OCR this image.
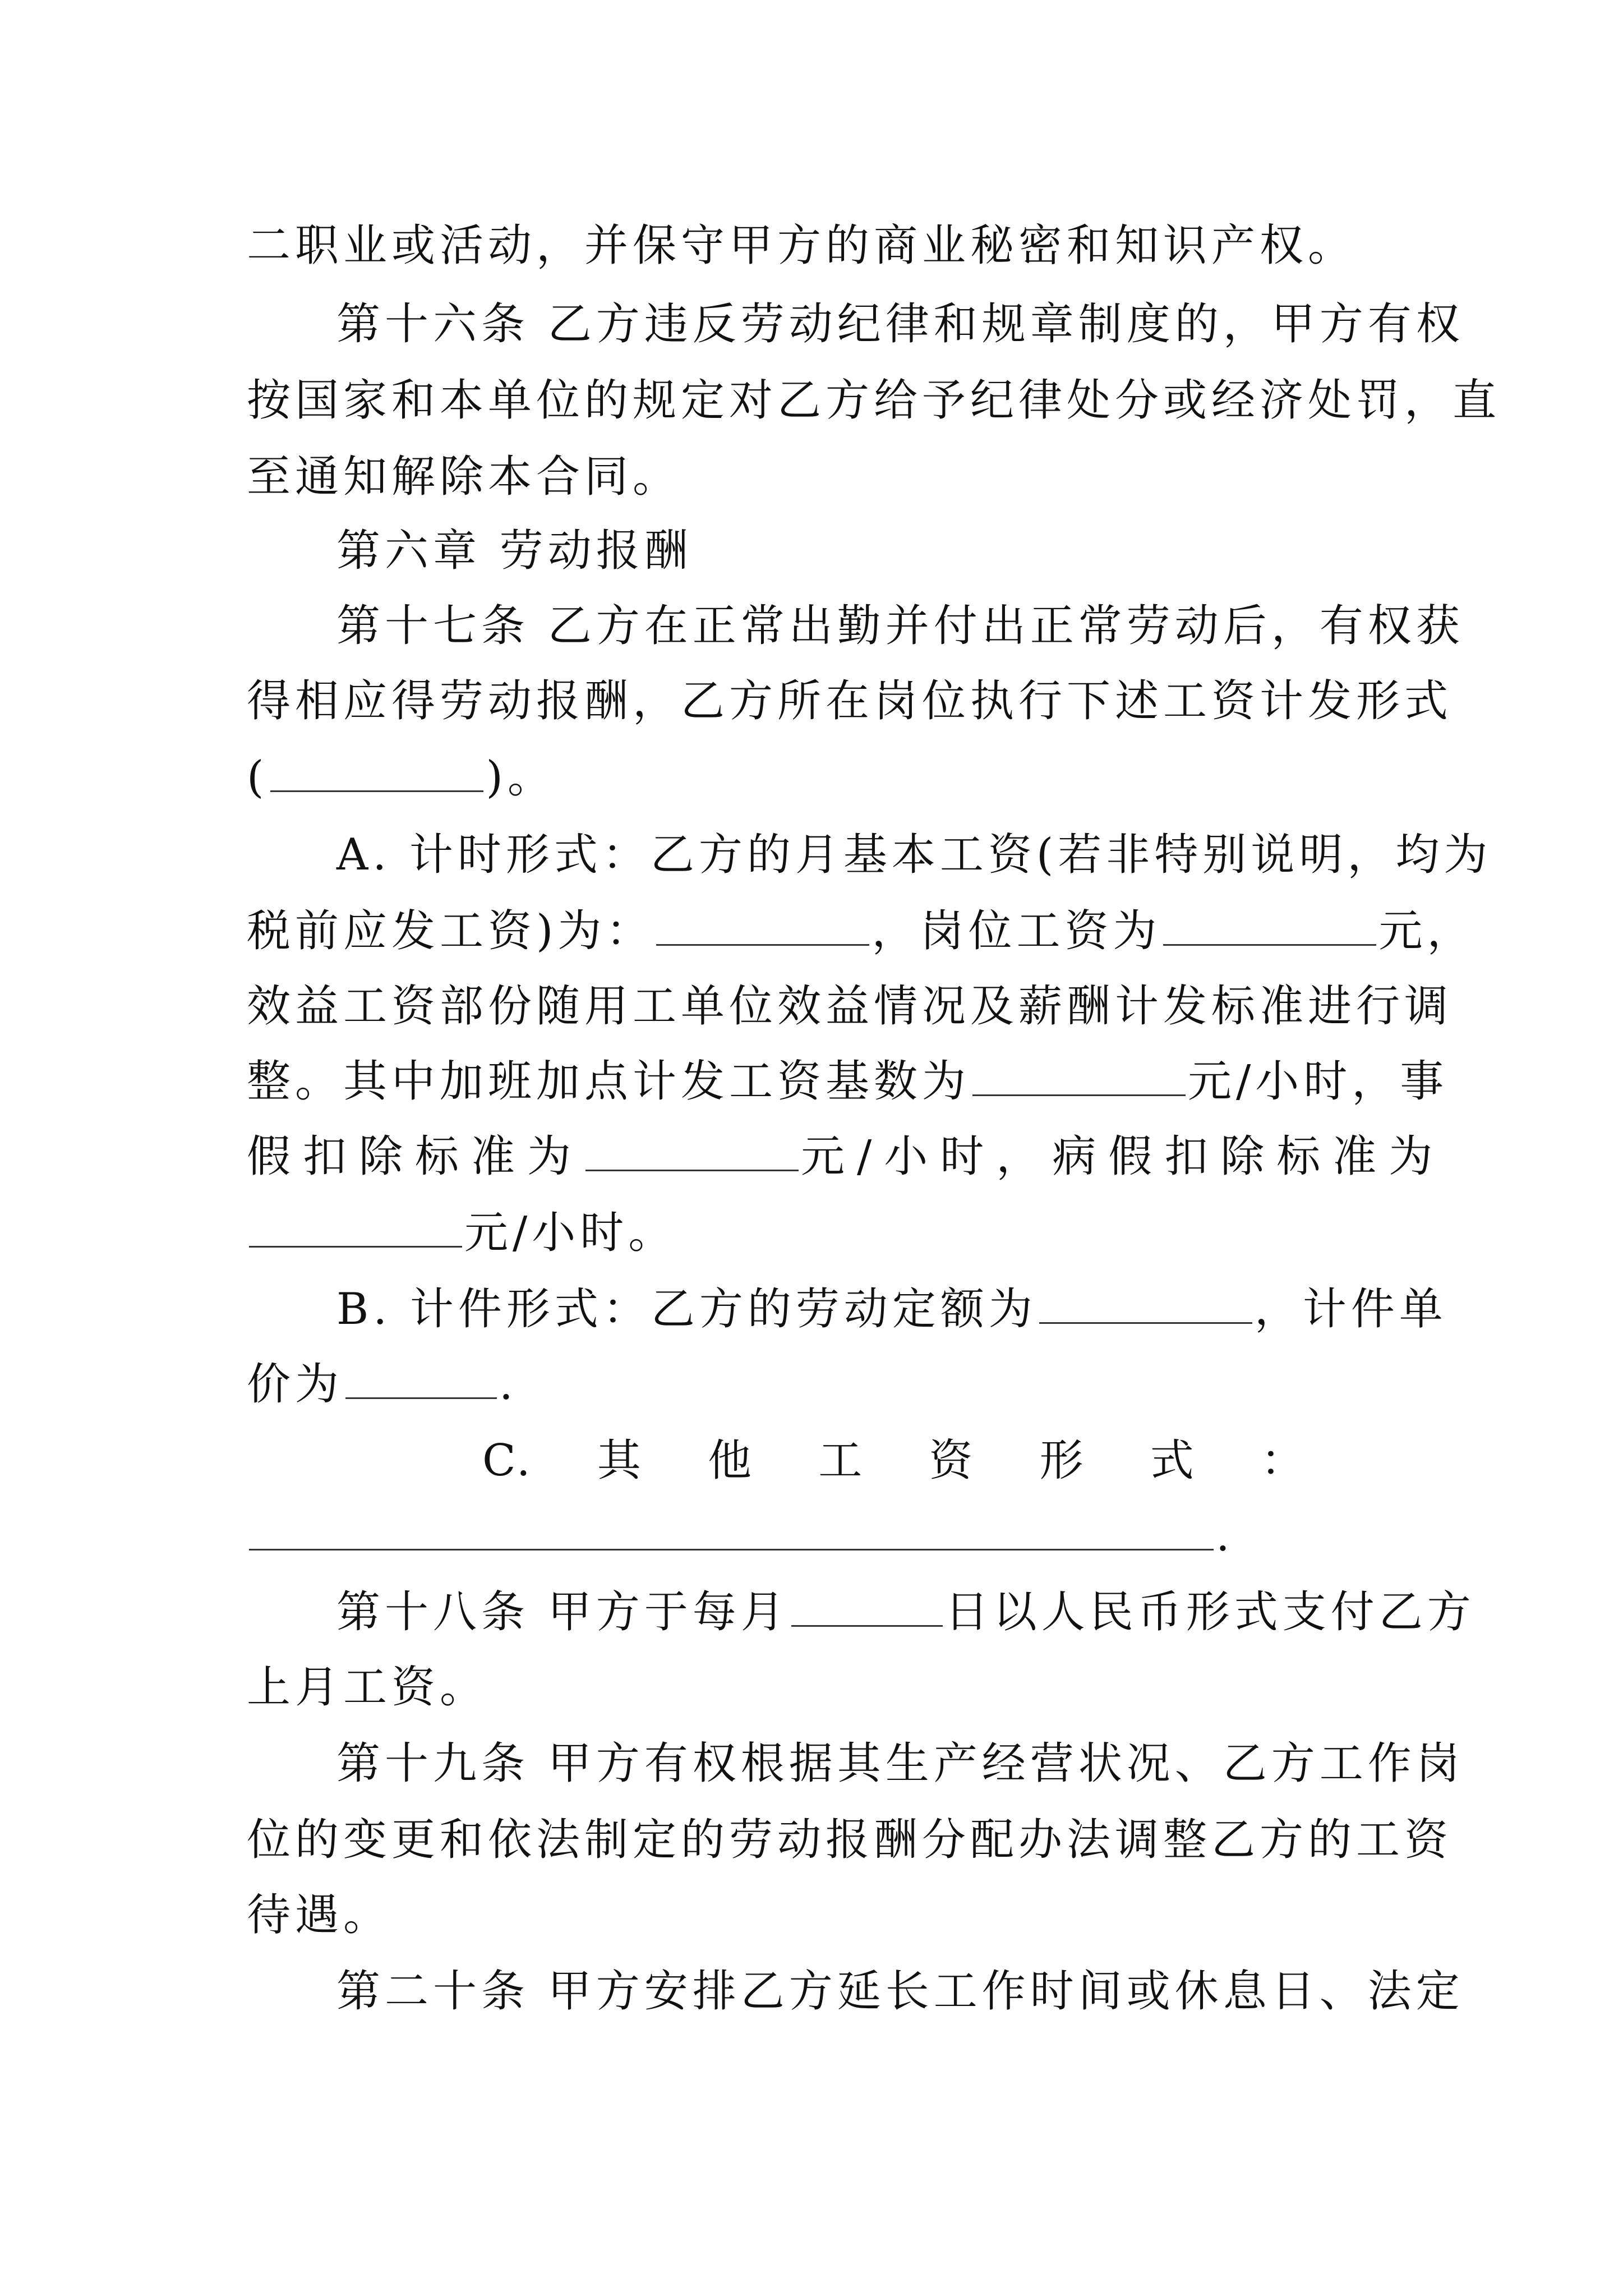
二职业或活动，并保守甲方的商业秘密和知识产权。
第十六条 乙方违反劳动纪律和规章制度的，甲方有权
按国家和本单位的规定对乙方给予纪律处分或经济处罚，直
至通知解除本合同。
第六章 劳动报酬
第十七条 乙方在正常出勤并付出正常劳动后，有权获
得相应得劳动报酬，乙方所在岗位执行下述工资计发形式
(	)。
A. 计时形式：乙方的月基本工资(若非特别说明，均为
税前应发工资)为：	，岗位工资为	元，
效益工资部份随用工单位效益情况及薪酬计发标准进行调
整。其中加班加点计发工资基数为	元/小时，事
假扣除标准为	元/小时，病假扣除标准为
元/小时。
B. 计件形式：乙方的劳动定额为	，计件单
价为	.
C.    其    他    工    资    形    式    ：
.
第十八条 甲方于每月	日以人民币形式支付乙方
上月工资。
第十九条 甲方有权根据其生产经营状况、乙方工作岗
位的变更和依法制定的劳动报酬分配办法调整乙方的工资
待遇。
第二十条 甲方安排乙方延长工作时间或休息日、法定
